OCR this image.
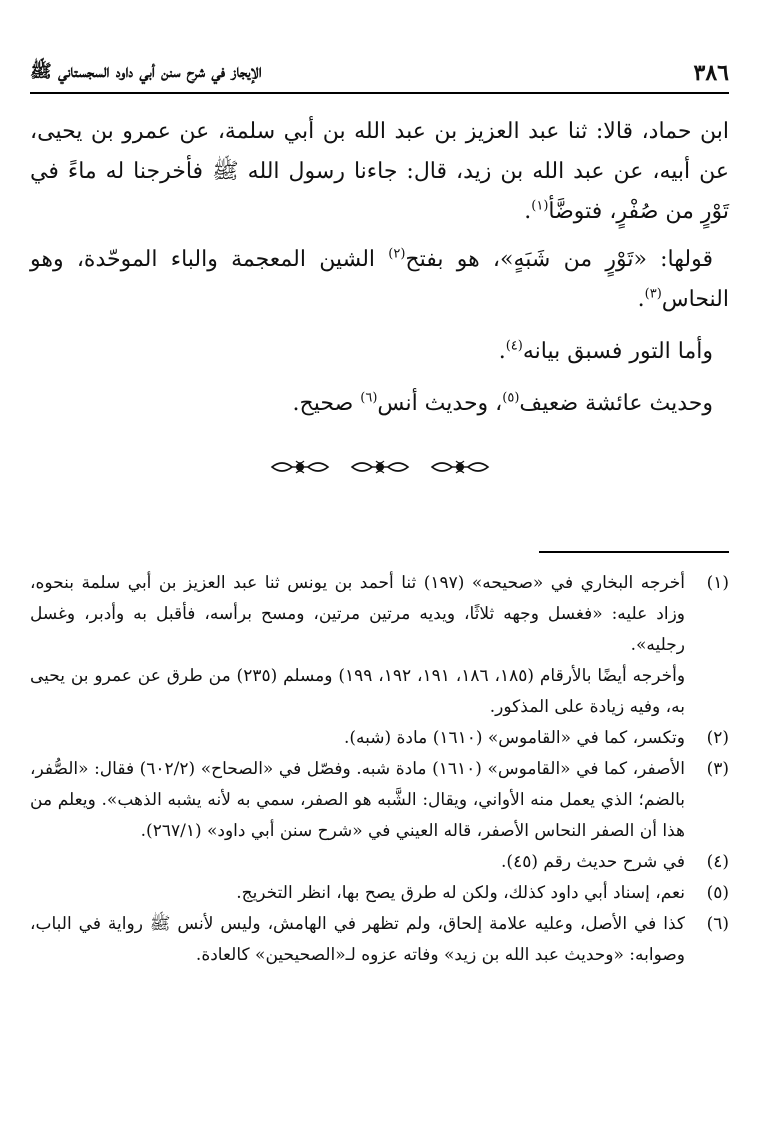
٣٨٦
الإيجاز في شرح سنن أبي داود السجستاني ﷺ

ابن حماد، قالا: ثنا عبد العزيز بن عبد الله بن أبي سلمة، عن عمرو بن يحيى، عن أبيه، عن عبد الله بن زيد، قال: جاءنا رسول الله ﷺ فأخرجنا له ماءً في تَوْرٍ من صُفْرٍ، فتوضَّأ$^{(١)}$.

قولها: «تَوْرٍ من شَبَهٍ»، هو بفتح$^{(٢)}$ الشين المعجمة والباء الموحّدة، وهو النحاس$^{(٣)}$.

وأما التور فسبق بيانه$^{(٤)}$.

وحديث عائشة ضعيف$^{(٥)}$، وحديث أنس$^{(٦)}$ صحيح.

(١)

أخرجه البخاري في «صحيحه» (١٩٧) ثنا أحمد بن يونس ثنا عبد العزيز بن أبي سلمة بنحوه، وزاد عليه: «فغسل وجهه ثلاثًا، ويديه مرتين مرتين، ومسح برأسه، فأقبل به وأدبر، وغسل رجليه».

وأخرجه أيضًا بالأرقام (١٨٥، ١٨٦، ١٩١، ١٩٢، ١٩٩) ومسلم (٢٣٥) من طرق عن عمرو بن يحيى به، وفيه زيادة على المذكور.

(٢)

وتكسر، كما في «القاموس» (١٦١٠) مادة (شبه).

(٣)

الأصفر، كما في «القاموس» (١٦١٠) مادة شبه. وفصّل في «الصحاح» (٦٠٢/٢) فقال: «الصُّفر، بالضم؛ الذي يعمل منه الأواني، ويقال: الشَّبه هو الصفر، سمي به لأنه يشبه الذهب». ويعلم من هذا أن الصفر النحاس الأصفر، قاله العيني في «شرح سنن أبي داود» (٢٦٧/١).

(٤)

في شرح حديث رقم (٤٥).

(٥)

نعم، إسناد أبي داود كذلك، ولكن له طرق يصح بها، انظر التخريج.

(٦)

كذا في الأصل، وعليه علامة إلحاق، ولم تظهر في الهامش، وليس لأنس ﷺ رواية في الباب، وصوابه: «وحديث عبد الله بن زيد» وفاته عزوه لـ«الصحيحين» كالعادة.
